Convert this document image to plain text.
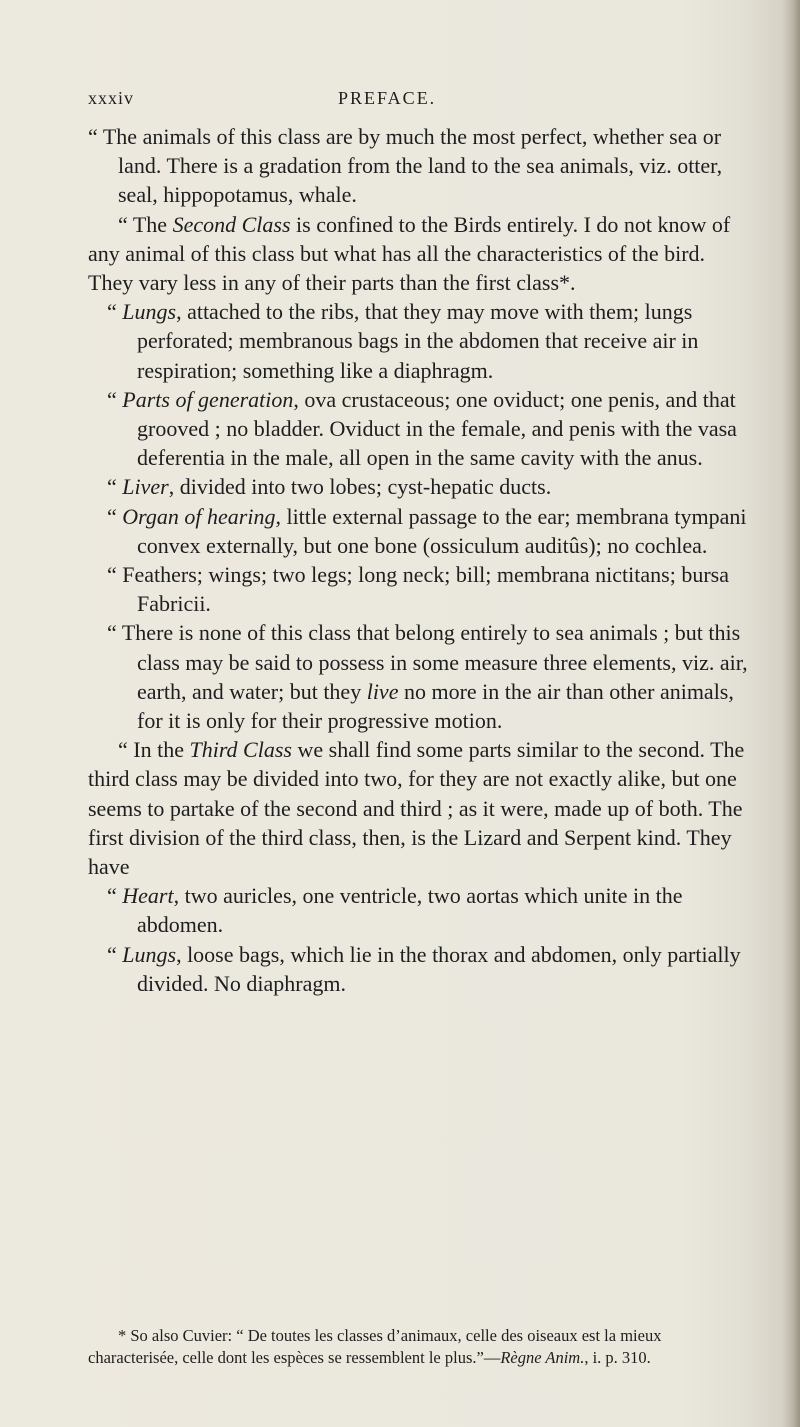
xxxiv	PREFACE.

“ The animals of this class are by much the most perfect, whether sea or land. There is a gradation from the land to the sea animals, viz. otter, seal, hippopotamus, whale.

“ The Second Class is confined to the Birds entirely. I do not know of any animal of this class but what has all the characteristics of the bird. They vary less in any of their parts than the first class*.

“ Lungs, attached to the ribs, that they may move with them; lungs perforated; membranous bags in the abdomen that receive air in respiration; something like a diaphragm.

“ Parts of generation, ova crustaceous; one oviduct; one penis, and that grooved ; no bladder. Oviduct in the female, and penis with the vasa deferentia in the male, all open in the same cavity with the anus.

“ Liver, divided into two lobes; cyst-hepatic ducts.

“ Organ of hearing, little external passage to the ear; membrana tympani convex externally, but one bone (ossiculum auditûs); no cochlea.

“ Feathers; wings; two legs; long neck; bill; membrana nictitans; bursa Fabricii.

“ There is none of this class that belong entirely to sea animals ; but this class may be said to possess in some measure three elements, viz. air, earth, and water; but they live no more in the air than other animals, for it is only for their progressive motion.

“ In the Third Class we shall find some parts similar to the second. The third class may be divided into two, for they are not exactly alike, but one seems to partake of the second and third ; as it were, made up of both. The first division of the third class, then, is the Lizard and Serpent kind. They have

“ Heart, two auricles, one ventricle, two aortas which unite in the abdomen.

“ Lungs, loose bags, which lie in the thorax and abdomen, only partially divided. No diaphragm.

* So also Cuvier: “ De toutes les classes d’animaux, celle des oiseaux est la mieux characterisée, celle dont les espèces se ressemblent le plus.”—Règne Anim., i. p. 310.
